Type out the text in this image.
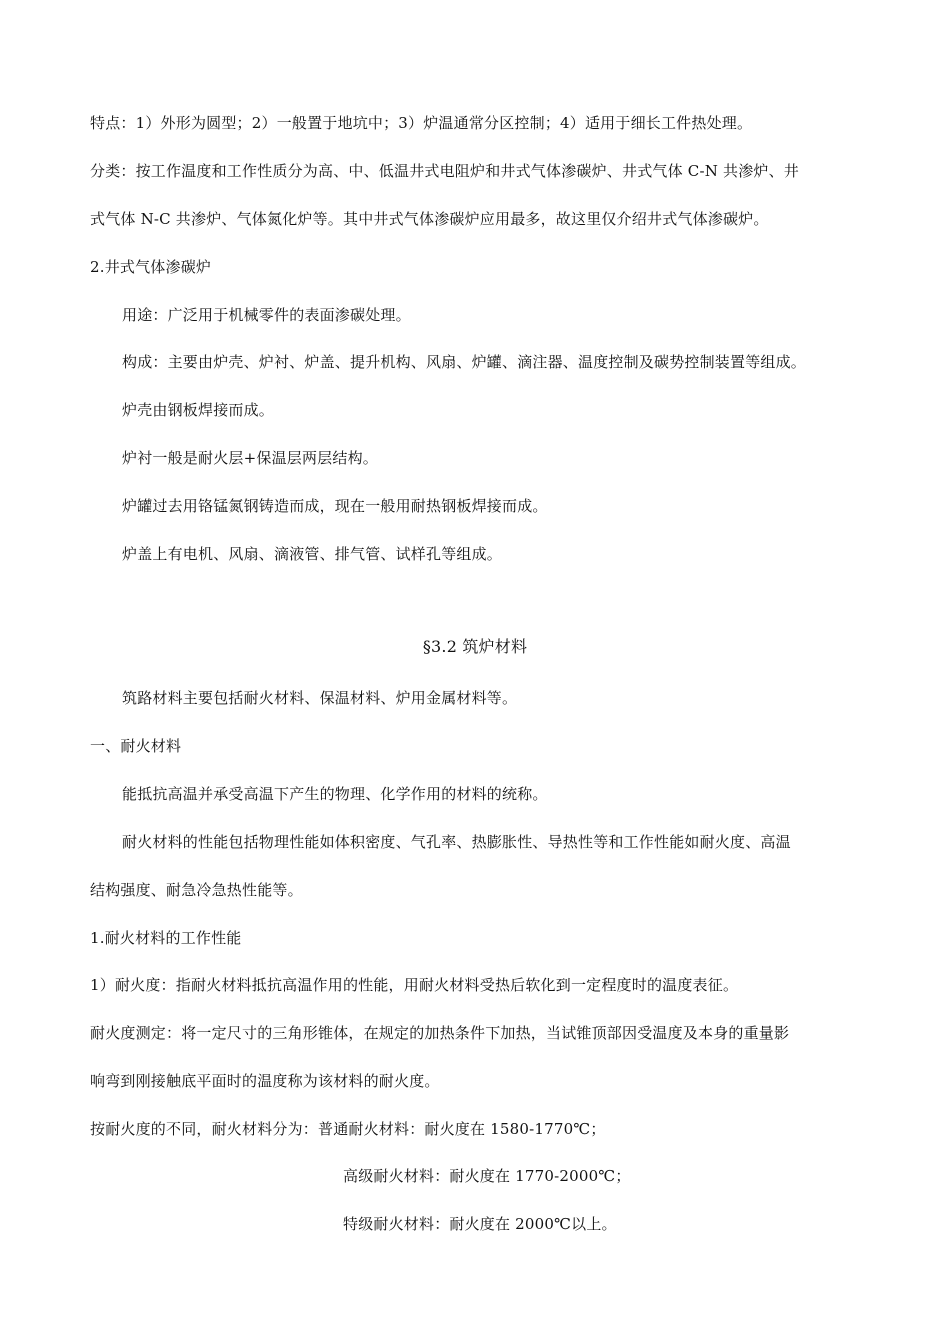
特点：1）外形为圆型；2）一般置于地坑中；3）炉温通常分区控制；4）适用于细长工件热处理。
分类：按工作温度和工作性质分为高、中、低温井式电阻炉和井式气体渗碳炉、井式气体 C-N 共渗炉、井
式气体 N-C 共渗炉、气体氮化炉等。其中井式气体渗碳炉应用最多，故这里仅介绍井式气体渗碳炉。
2.井式气体渗碳炉
用途：广泛用于机械零件的表面渗碳处理。
构成：主要由炉壳、炉衬、炉盖、提升机构、风扇、炉罐、滴注器、温度控制及碳势控制装置等组成。
炉壳由钢板焊接而成。
炉衬一般是耐火层+保温层两层结构。
炉罐过去用铬锰氮钢铸造而成，现在一般用耐热钢板焊接而成。
炉盖上有电机、风扇、滴液管、排气管、试样孔等组成。
§3.2 筑炉材料
筑路材料主要包括耐火材料、保温材料、炉用金属材料等。
一、耐火材料
能抵抗高温并承受高温下产生的物理、化学作用的材料的统称。
耐火材料的性能包括物理性能如体积密度、气孔率、热膨胀性、导热性等和工作性能如耐火度、高温
结构强度、耐急冷急热性能等。
1.耐火材料的工作性能
1）耐火度：指耐火材料抵抗高温作用的性能，用耐火材料受热后软化到一定程度时的温度表征。
耐火度测定：将一定尺寸的三角形锥体，在规定的加热条件下加热，当试锥顶部因受温度及本身的重量影
响弯到刚接触底平面时的温度称为该材料的耐火度。
按耐火度的不同，耐火材料分为：普通耐火材料：耐火度在 1580-1770℃；
高级耐火材料：耐火度在 1770-2000℃；
特级耐火材料：耐火度在 2000℃以上。
